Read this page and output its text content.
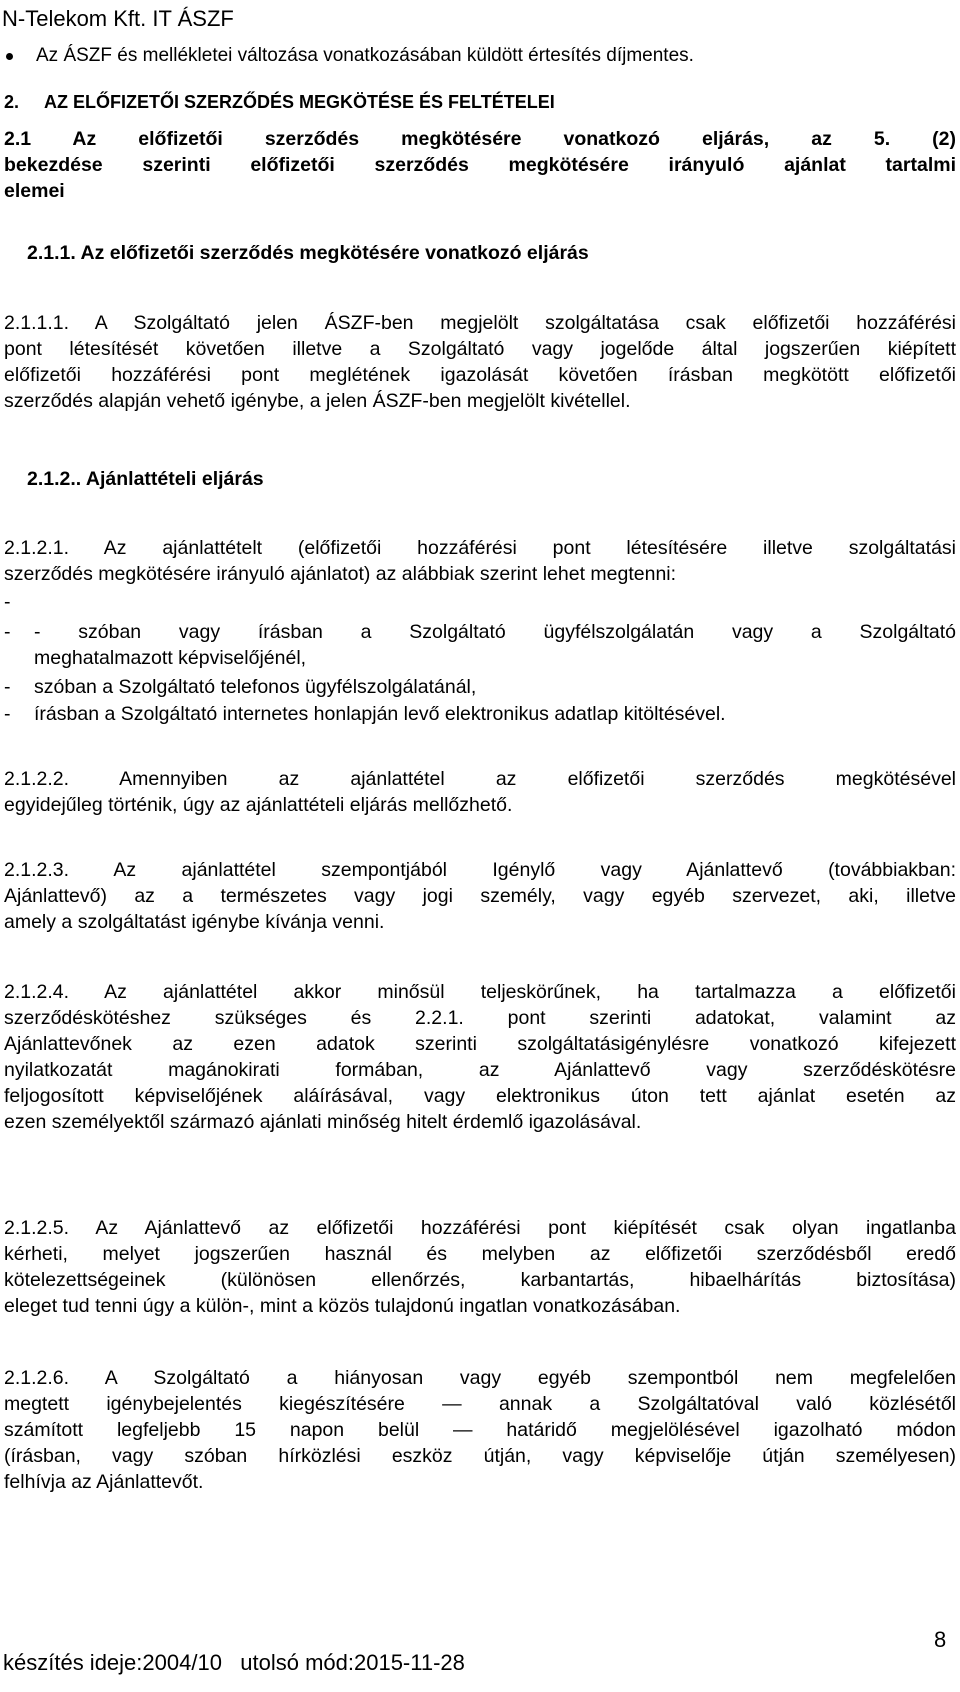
N-Telekom Kft. IT ÁSZF
Az ÁSZF és mellékletei változása vonatkozásában küldött értesítés díjmentes.
2. AZ ELŐFIZETŐI SZERZŐDÉS MEGKÖTÉSE ÉS FELTÉTELEI
2.1 Az előfizetői szerződés megkötésére vonatkozó eljárás, az 5. (2)
bekezdése szerinti előfizetői szerződés megkötésére irányuló ajánlat tartalmi
elemei
2.1.1. Az előfizetői szerződés megkötésére vonatkozó eljárás
2.1.1.1. A Szolgáltató jelen ÁSZF-ben megjelölt szolgáltatása csak előfizetői hozzáférési
pont létesítését követően illetve a Szolgáltató vagy jogelőde által jogszerűen kiépített
előfizetői hozzáférési pont meglétének igazolását követően írásban megkötött előfizetői
szerződés alapján vehető igénybe, a jelen ÁSZF-ben megjelölt kivétellel.
2.1.2.. Ajánlattételi eljárás
2.1.2.1. Az ajánlattételt (előfizetői hozzáférési pont létesítésére illetve szolgáltatási
szerződés megkötésére irányuló ajánlatot) az alábbiak szerint lehet megtenni:
-
- - szóban vagy írásban a Szolgáltató ügyfélszolgálatán vagy a Szolgáltató
meghatalmazott képviselőjénél,
- szóban a Szolgáltató telefonos ügyfélszolgálatánál,
- írásban a Szolgáltató internetes honlapján levő elektronikus adatlap kitöltésével.
2.1.2.2. Amennyiben az ajánlattétel az előfizetői szerződés megkötésével
egyidejűleg történik, úgy az ajánlattételi eljárás mellőzhető.
2.1.2.3. Az ajánlattétel szempontjából Igénylő vagy Ajánlattevő (továbbiakban:
Ajánlattevő) az a természetes vagy jogi személy, vagy egyéb szervezet, aki, illetve
amely a szolgáltatást igénybe kívánja venni.
2.1.2.4. Az ajánlattétel akkor minősül teljeskörűnek, ha tartalmazza a előfizetői
szerződéskötéshez szükséges és 2.2.1. pont szerinti adatokat, valamint az
Ajánlattevőnek az ezen adatok szerinti szolgáltatásigénylésre vonatkozó kifejezett
nyilatkozatát magánokirati formában, az Ajánlattevő vagy szerződéskötésre
feljogosított képviselőjének aláírásával, vagy elektronikus úton tett ajánlat esetén az
ezen személyektől származó ajánlati minőség hitelt érdemlő igazolásával.
2.1.2.5. Az Ajánlattevő az előfizetői hozzáférési pont kiépítését csak olyan ingatlanba
kérheti, melyet jogszerűen használ és melyben az előfizetői szerződésből eredő
kötelezettségeinek (különösen ellenőrzés, karbantartás, hibaelhárítás biztosítása)
eleget tud tenni úgy a külön-, mint a közös tulajdonú ingatlan vonatkozásában.
2.1.2.6. A Szolgáltató a hiányosan vagy egyéb szempontból nem megfelelően
megtett igénybejelentés kiegészítésére — annak a Szolgáltatóval való közlésétől
számított legfeljebb 15 napon belül — határidő megjelölésével igazolható módon
(írásban, vagy szóban hírközlési eszköz útján, vagy képviselője útján személyesen)
felhívja az Ajánlattevőt.
készítés ideje:2004/10   utolsó mód:2015-11-28
8
